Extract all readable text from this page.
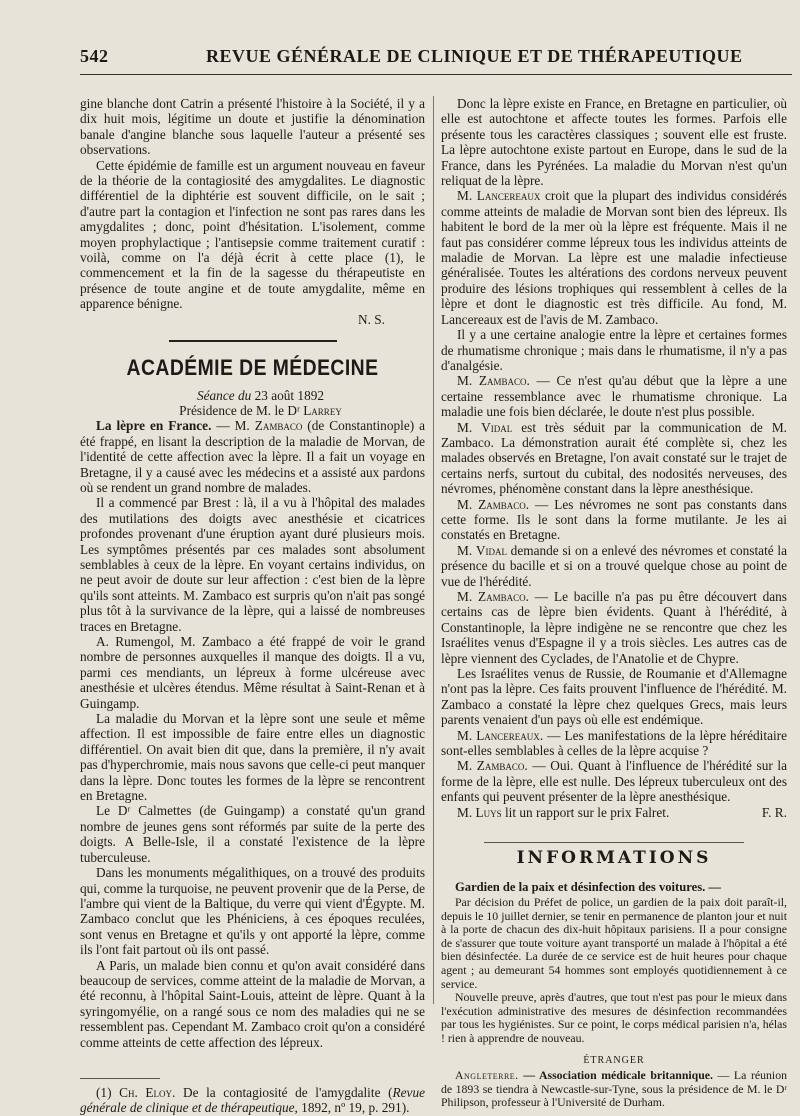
542	REVUE GÉNÉRALE DE CLINIQUE ET DE THÉRAPEUTIQUE

gine blanche dont Catrin a présenté l'histoire à la Société, il y a dix huit mois, légitime un doute et justifie la dénomination banale d'angine blanche sous laquelle l'auteur a présenté ses observations.

Cette épidémie de famille est un argument nouveau en faveur de la théorie de la contagiosité des amygdalites. Le diagnostic différentiel de la diphtérie est souvent difficile, on le sait ; d'autre part la contagion et l'infection ne sont pas rares dans les amygdalites ; donc, point d'hésitation. L'isolement, comme moyen prophylactique ; l'antisepsie comme traitement curatif : voilà, comme on l'a déjà écrit à cette place (1), le commencement et la fin de la sagesse du thérapeutiste en présence de toute angine et de toute amygdalite, même en apparence bénigne.

N. S.
ACADÉMIE DE MÉDECINE

Séance du 23 août 1892

Présidence de M. le Dʳ Larrey

La lèpre en France. — M. Zambaco (de Constantinople) a été frappé, en lisant la description de la maladie de Morvan, de l'identité de cette affection avec la lèpre. Il a fait un voyage en Bretagne, il y a causé avec les médecins et a assisté aux pardons où se rendent un grand nombre de malades.

Il a commencé par Brest : là, il a vu à l'hôpital des malades des mutilations des doigts avec anesthésie et cicatrices profondes provenant d'une éruption ayant duré plusieurs mois. Les symptômes présentés par ces malades sont absolument semblables à ceux de la lèpre. En voyant certains individus, on ne peut avoir de doute sur leur affection : c'est bien de la lèpre qu'ils sont atteints. M. Zambaco est surpris qu'on n'ait pas songé plus tôt à la survivance de la lèpre, qui a laissé de nombreuses traces en Bretagne.

A. Rumengol, M. Zambaco a été frappé de voir le grand nombre de personnes auxquelles il manque des doigts. Il a vu, parmi ces mendiants, un lépreux à forme ulcéreuse avec anesthésie et ulcères étendus. Même résultat à Saint-Renan et à Guingamp.

La maladie du Morvan et la lèpre sont une seule et même affection. Il est impossible de faire entre elles un diagnostic différentiel. On avait bien dit que, dans la première, il n'y avait pas d'hyperchromie, mais nous savons que celle-ci peut manquer dans la lèpre. Donc toutes les formes de la lèpre se rencontrent en Bretagne.

Le Dʳ Calmettes (de Guingamp) a constaté qu'un grand nombre de jeunes gens sont réformés par suite de la perte des doigts. A Belle-Isle, il a constaté l'existence de la lèpre tuberculeuse.

Dans les monuments mégalithiques, on a trouvé des produits qui, comme la turquoise, ne peuvent provenir que de la Perse, de l'ambre qui vient de la Baltique, du verre qui vient d'Égypte. M. Zambaco conclut que les Phéniciens, à ces époques reculées, sont venus en Bretagne et qu'ils y ont apporté la lèpre, comme ils l'ont fait partout où ils ont passé.

A Paris, un malade bien connu et qu'on avait considéré dans beaucoup de services, comme atteint de la maladie de Morvan, a été reconnu, à l'hôpital Saint-Louis, atteint de lèpre. Quant à la syringomyélie, on a rangé sous ce nom des maladies qui ne se ressemblent pas. Cependant M. Zambaco croit qu'on a considéré comme atteints de cette affection des lépreux.

(1) Ch. Eloy. De la contagiosité de l'amygdalite (Revue générale de clinique et de thérapeutique, 1892, nº 19, p. 291).

Donc la lèpre existe en France, en Bretagne en particulier, où elle est autochtone et affecte toutes les formes. Parfois elle présente tous les caractères classiques ; souvent elle est fruste. La lèpre autochtone existe partout en Europe, dans le sud de la France, dans les Pyrénées. La maladie du Morvan n'est qu'un reliquat de la lèpre.

M. Lancereaux croit que la plupart des individus considérés comme atteints de maladie de Morvan sont bien des lépreux. Ils habitent le bord de la mer où la lèpre est fréquente. Mais il ne faut pas considérer comme lépreux tous les individus atteints de maladie de Morvan. La lèpre est une maladie infectieuse généralisée. Toutes les altérations des cordons nerveux peuvent produire des lésions trophiques qui ressemblent à celles de la lèpre et dont le diagnostic est très difficile. Au fond, M. Lancereaux est de l'avis de M. Zambaco.

Il y a une certaine analogie entre la lèpre et certaines formes de rhumatisme chronique ; mais dans le rhumatisme, il n'y a pas d'analgésie.

M. Zambaco. — Ce n'est qu'au début que la lèpre a une certaine ressemblance avec le rhumatisme chronique. La maladie une fois bien déclarée, le doute n'est plus possible.

M. Vidal est très séduit par la communication de M. Zambaco. La démonstration aurait été complète si, chez les malades observés en Bretagne, l'on avait constaté sur le trajet de certains nerfs, surtout du cubital, des nodosités nerveuses, des névromes, phénomène constant dans la lèpre anesthésique.

M. Zambaco. — Les névromes ne sont pas constants dans cette forme. Ils le sont dans la forme mutilante. Je les ai constatés en Bretagne.

M. Vidal demande si on a enlevé des névromes et constaté la présence du bacille et si on a trouvé quelque chose au point de vue de l'hérédité.

M. Zambaco. — Le bacille n'a pas pu être découvert dans certains cas de lèpre bien évidents. Quant à l'hérédité, à Constantinople, la lèpre indigène ne se rencontre que chez les Israélites venus d'Espagne il y a trois siècles. Les autres cas de lèpre viennent des Cyclades, de l'Anatolie et de Chypre.

Les Israélites venus de Russie, de Roumanie et d'Allemagne n'ont pas la lèpre. Ces faits prouvent l'influence de l'hérédité. M. Zambaco a constaté la lèpre chez quelques Grecs, mais leurs parents venaient d'un pays où elle est endémique.

M. Lancereaux. — Les manifestations de la lèpre héréditaire sont-elles semblables à celles de la lèpre acquise ?

M. Zambaco. — Oui. Quant à l'influence de l'hérédité sur la forme de la lèpre, elle est nulle. Des lépreux tuberculeux ont des enfants qui peuvent présenter de la lèpre anesthésique.

M. Luys lit un rapport sur le prix Falret.	F. R.
INFORMATIONS

Gardien de la paix et désinfection des voitures. —

Par décision du Préfet de police, un gardien de la paix doit paraît-il, depuis le 10 juillet dernier, se tenir en permanence de planton jour et nuit à la porte de chacun des dix-huit hôpitaux parisiens. Il a pour consigne de s'assurer que toute voiture ayant transporté un malade à l'hôpital a été bien désinfectée. La durée de ce service est de huit heures pour chaque agent ; au demeurant 54 hommes sont employés quotidiennement à ce service.

Nouvelle preuve, après d'autres, que tout n'est pas pour le mieux dans l'exécution administrative des mesures de désinfection recommandées par tous les hygiénistes. Sur ce point, le corps médical parisien n'a, hélas ! rien à apprendre de nouveau.

ÉTRANGER

Angleterre. — Association médicale britannique. — La réunion de 1893 se tiendra à Newcastle-sur-Tyne, sous la présidence de M. le Dʳ Philipson, professeur à l'Université de Durham.
